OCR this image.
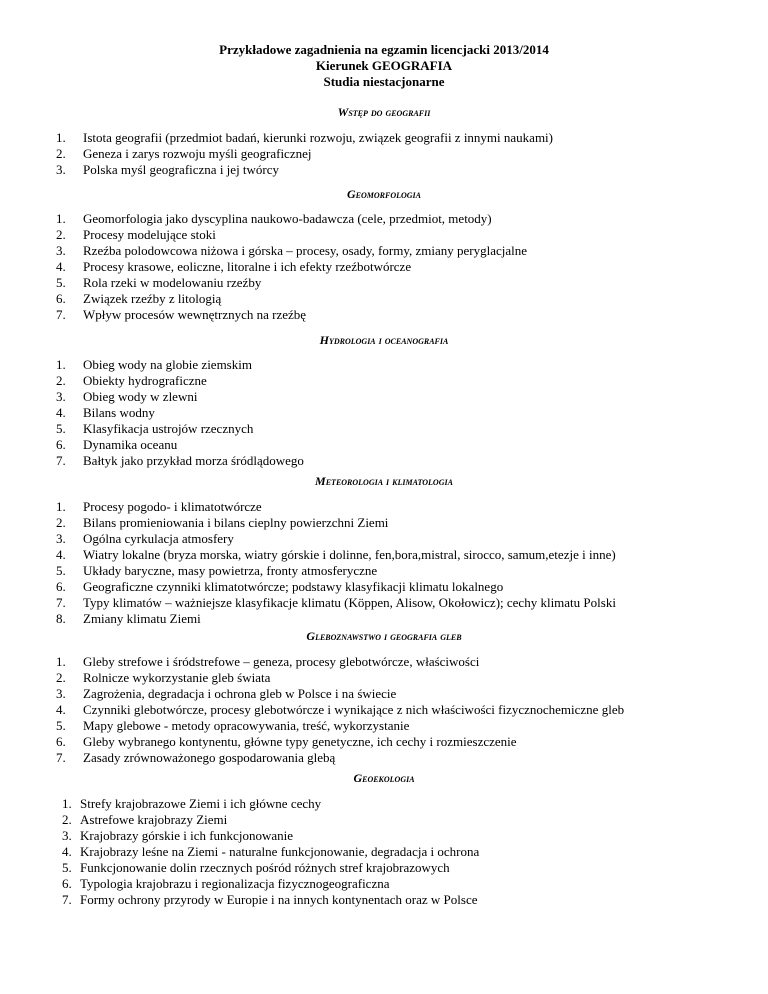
Przykładowe zagadnienia na egzamin licencjacki 2013/2014
Kierunek GEOGRAFIA
Studia niestacjonarne
Wstęp do geografii
1.	Istota geografii (przedmiot badań, kierunki rozwoju, związek geografii z innymi naukami)
2.	Geneza i zarys rozwoju myśli geograficznej
3.	Polska myśl geograficzna i jej twórcy
Geomorfologia
1.	Geomorfologia jako dyscyplina naukowo-badawcza (cele, przedmiot, metody)
2.	Procesy modelujące stoki
3.	Rzeźba polodowcowa niżowa i górska – procesy, osady, formy, zmiany peryglacjalne
4.	Procesy krasowe, eoliczne, litoralne i ich efekty rzeźbotwórcze
5.	Rola rzeki w modelowaniu rzeźby
6.	Związek rzeźby z litologią
7.	Wpływ procesów wewnętrznych na rzeźbę
Hydrologia i oceanografia
1.	Obieg wody na globie ziemskim
2.	Obiekty hydrograficzne
3.	Obieg wody w zlewni
4.	Bilans wodny
5.	Klasyfikacja ustrojów rzecznych
6.	Dynamika oceanu
7.	Bałtyk jako przykład morza śródlądowego
Meteorologia i klimatologia
1.	Procesy pogodo- i klimatotwórcze
2.	Bilans promieniowania i bilans cieplny powierzchni Ziemi
3.	Ogólna cyrkulacja atmosfery
4.	Wiatry lokalne (bryza morska, wiatry górskie i dolinne, fen,bora,mistral, sirocco, samum,etezje i inne)
5.	Układy baryczne, masy powietrza, fronty atmosferyczne
6.	Geograficzne czynniki klimatotwórcze; podstawy klasyfikacji klimatu lokalnego
7.	Typy klimatów – ważniejsze klasyfikacje klimatu (Köppen, Alisow, Okołowicz); cechy klimatu Polski
8.	Zmiany klimatu Ziemi
Gleboznawstwo i geografia gleb
1.	Gleby strefowe i śródstrefowe – geneza, procesy glebotwórcze, właściwości
2.	Rolnicze wykorzystanie gleb świata
3.	Zagrożenia, degradacja i ochrona gleb w Polsce i na świecie
4.	Czynniki glebotwórcze, procesy glebotwórcze i wynikające z nich właściwości fizycznochemiczne gleb
5.	Mapy glebowe - metody opracowywania, treść, wykorzystanie
6.	Gleby wybranego kontynentu, główne typy genetyczne, ich cechy i rozmieszczenie
7.	Zasady zrównoważonego gospodarowania glebą
Geoekologia
1. Strefy krajobrazowe Ziemi i ich główne cechy
2. Astrefowe krajobrazy Ziemi
3. Krajobrazy górskie i ich funkcjonowanie
4. Krajobrazy leśne na Ziemi - naturalne funkcjonowanie, degradacja i ochrona
5. Funkcjonowanie dolin rzecznych pośród różnych stref krajobrazowych
6. Typologia krajobrazu i regionalizacja fizycznogeograficzna
7. Formy ochrony przyrody w Europie i na innych kontynentach oraz w Polsce
